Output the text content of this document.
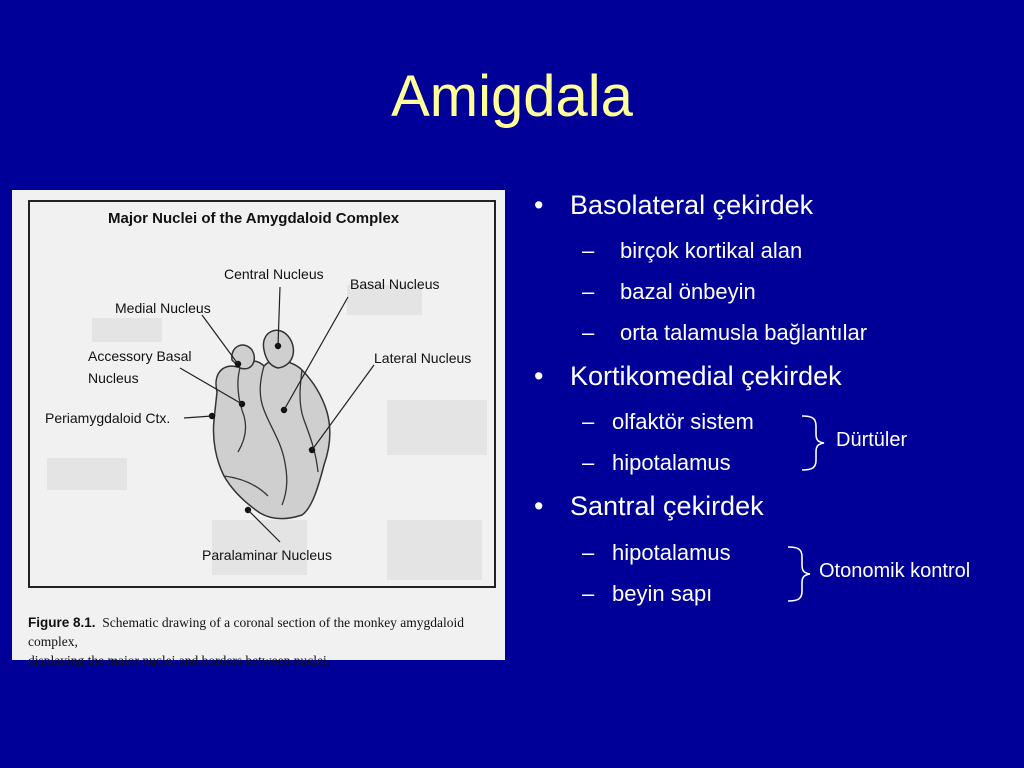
Amigdala
Major Nuclei of the Amygdaloid Complex
Central Nucleus
Basal Nucleus
Medial Nucleus
Accessory Basal
Nucleus
Lateral Nucleus
Periamygdaloid Ctx.
Paralaminar Nucleus
Figure 8.1. Schematic drawing of a coronal section of the monkey amygdaloid complex,
displaying the major nuclei and borders between nuclei.
• Basolateral çekirdek
– birçok kortikal alan
– bazal önbeyin
– orta talamusla bağlantılar
• Kortikomedial çekirdek
– olfaktör sistem
– hipotalamus
• Santral çekirdek
– hipotalamus
– beyin sapı
Dürtüler
Otonomik kontrol
